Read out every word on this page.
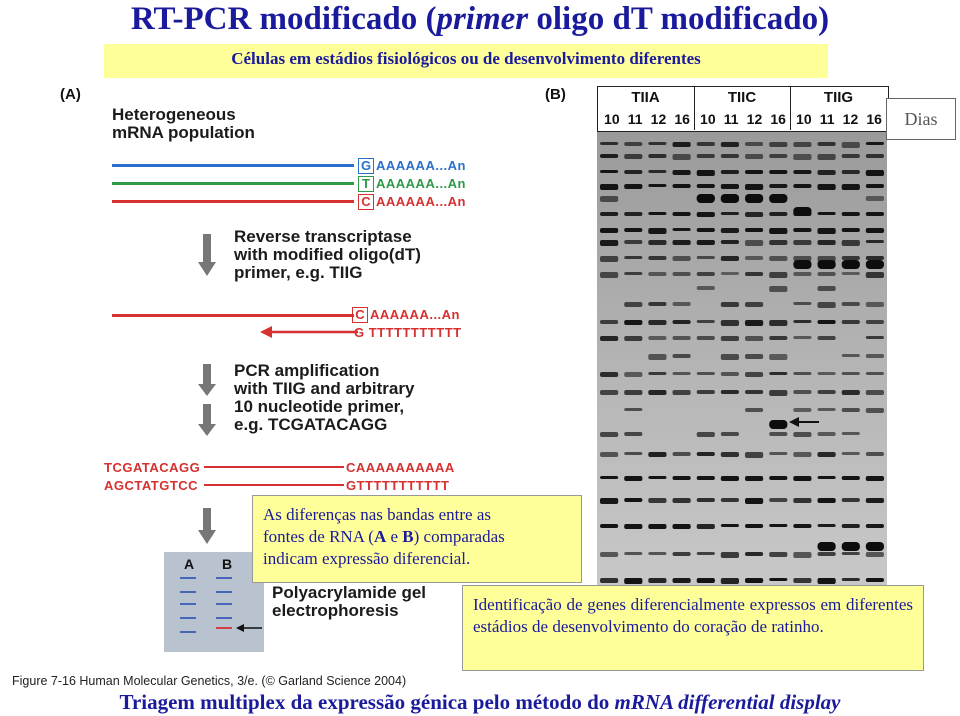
RT-PCR modificado (primer oligo dT modificado)
Células em estádios fisiológicos ou de desenvolvimento diferentes
(A)
Heterogeneous
mRNA population
G
T
C
AAAAAA...An
AAAAAA...An
AAAAAA...An
Reverse transcriptase
with modified oligo(dT)
primer, e.g. TIIG
C AAAAAA...An
G TTTTTTTTTTT
PCR amplification
with TIIG and arbitrary
10 nucleotide primer,
e.g. TCGATACAGG
TCGATACAGG
AGCTATGTCC
CAAAAAAAAAA
GTTTTTTTTTTT
A B
Polyacrylamide gel
electrophoresis
(B)	TIIA	TIIC	TIIG
10 11 12 16 10 11 12 16 10 11 12 16	Dias
As diferenças nas bandas entre as
fontes de RNA (A e B) comparadas
indicam expressão diferencial.
Identificação de genes diferencialmente expressos em diferentes estádios de desenvolvimento do coração de ratinho.
Figure 7-16 Human Molecular Genetics, 3/e. (© Garland Science 2004)
Triagem multiplex da expressão génica pelo método do mRNA differential display
